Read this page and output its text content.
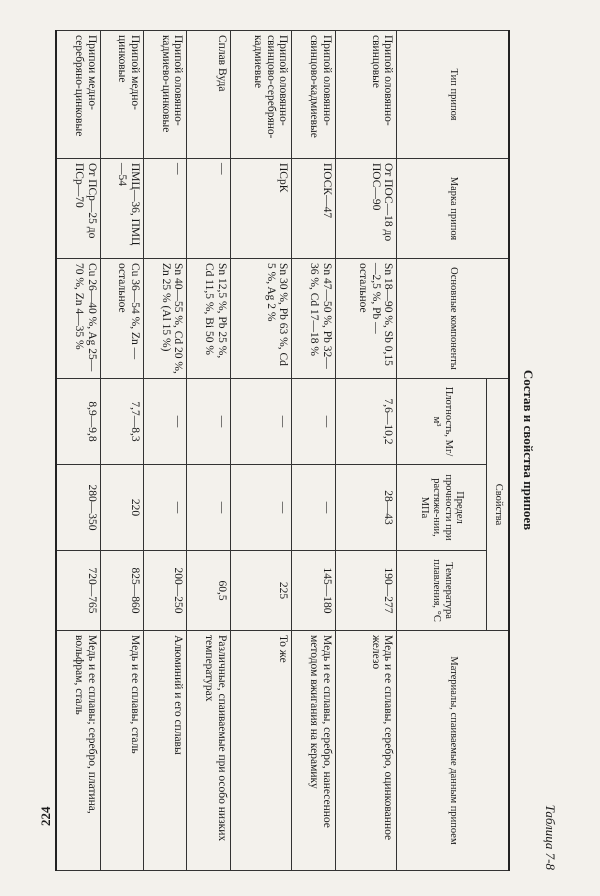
224	Таблица 7-8
Состав и свойства припоев
Тип припоя	Марка припоя	Основные компоненты	Свойства			Материалы, спаиваемые данным припоем
			Плотность, Мг/м³	Предел прочности при растяже-нии, МПа	Температура плавления, °С	
Припой оловянно-свинцовые	От ПОС—18 до ПОС—90	Sn 18—90 %, Sb 0,15—2,5 %, Pb — остальное	7,6—10,2	28—43	190—277	Медь и ее сплавы, серебро, оцинкованное железо
Припой оловянно-свинцово-кадмиевые	ПОСК—47	Sn 47—50 %, Pb 32—36 %, Cd 17—18 %	—	—	145—180	Медь и ее сплавы, серебро, нанесенное методом вжигания на керамику
Припой оловянно-свинцово-серебряно-кадмиевые	ПСрК	Sn 30 %, Pb 63 %, Cd 5 %, Ag 2 %	—	—	225	То же
Сплав Вуда	—	Sn 12,5 %, Pb 25 %, Cd 11,5 %, Bi 50 %	—	—	60,5	Различные, спаиваемые при особо низких температурах
Припой оловянно-кадмиево-цинковые	—	Sn 40—55 %, Cd 20 %, Zn 25 % (Al 15 %)	—	—	200—250	Алюминий и его сплавы
Припой медно-цинковые	ПМЦ—36, ПМЦ—54	Cu 36—54 %, Zn — остальное	7,7—8,3	220	825—860	Медь и ее сплавы, сталь
Припои медно-серебряно-цинковые	От ПСр—25 до ПСр—70	Cu 26—40 %, Ag 25—70 %, Zn 4—35 %	8,9—9,8	280—350	720—765	Медь и ее сплавы; серебро, платина, вольфрам, сталь
